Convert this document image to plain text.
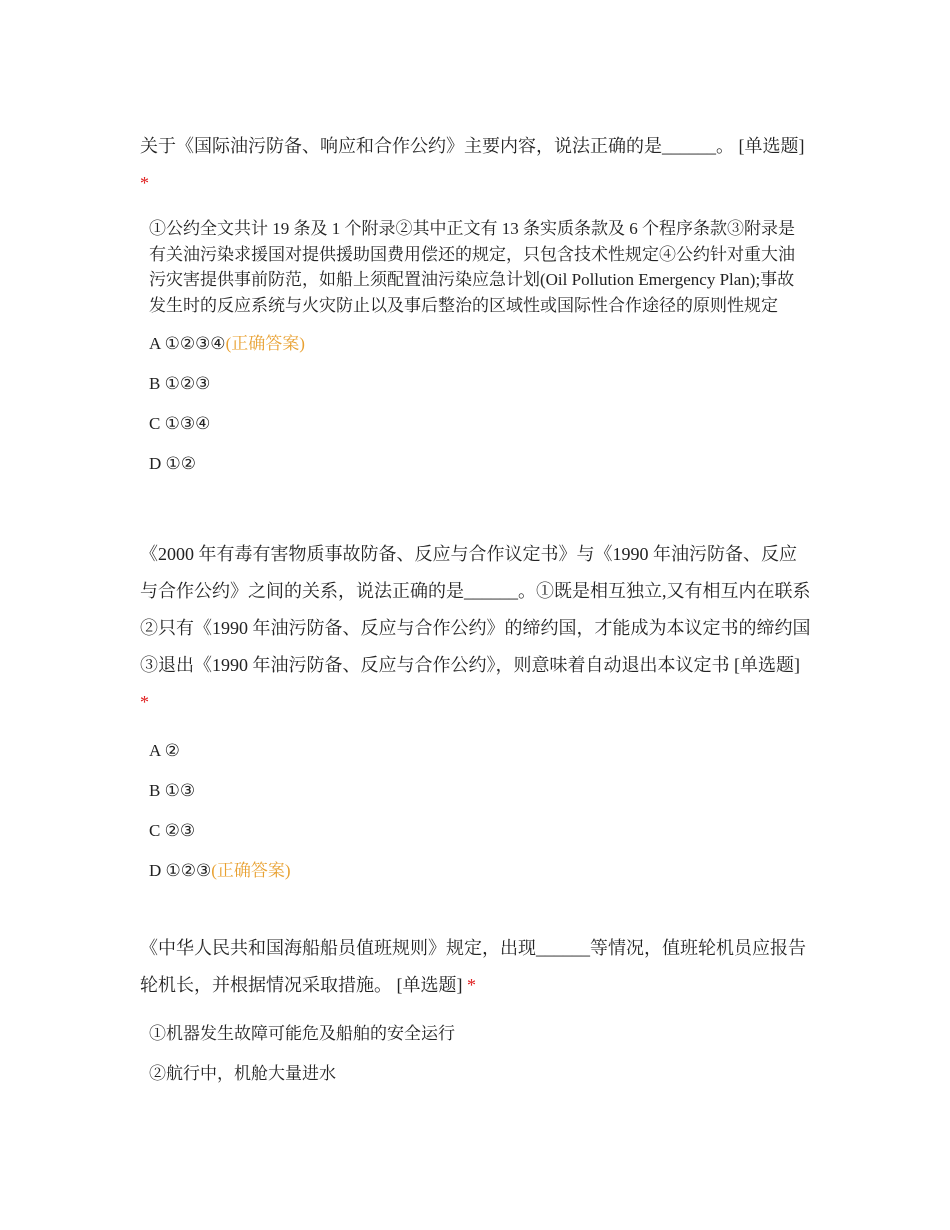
关于《国际油污防备、响应和合作公约》主要内容，说法正确的是______。 [单选题] *

①公约全文共计 19 条及 1 个附录②其中正文有 13 条实质条款及 6 个程序条款③附录是有关油污染求援国对提供援助国费用偿还的规定，只包含技术性规定④公约针对重大油污灾害提供事前防范，如船上须配置油污染应急计划(Oil Pollution Emergency Plan);事故发生时的反应系统与火灾防止以及事后整治的区域性或国际性合作途径的原则性规定
A ①②③④(正确答案)
B ①②③
C ①③④
D ①②

《2000 年有毒有害物质事故防备、反应与合作议定书》与《1990 年油污防备、反应与合作公约》之间的关系，说法正确的是______。①既是相互独立,又有相互内在联系②只有《1990 年油污防备、反应与合作公约》的缔约国，才能成为本议定书的缔约国③退出《1990 年油污防备、反应与合作公约》，则意味着自动退出本议定书 [单选题] *

A ②
B ①③
C ②③
D ①②③(正确答案)

《中华人民共和国海船船员值班规则》规定，出现______等情况，值班轮机员应报告轮机长，并根据情况采取措施。 [单选题] *

①机器发生故障可能危及船舶的安全运行
②航行中，机舱大量进水
